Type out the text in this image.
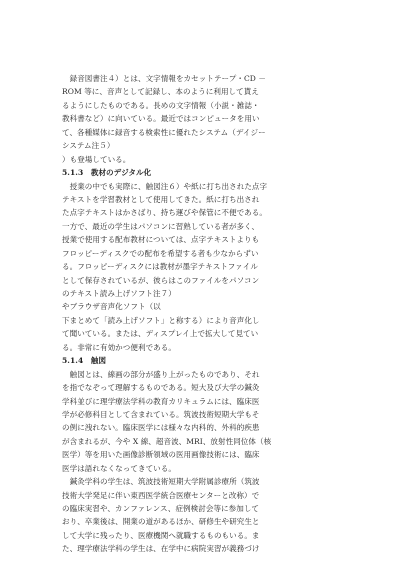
　録音図書注４）とは、文字情報をカセットテープ・CD －
ROM 等に、音声として記録し、本のように利用して貰え
るようにしたものである。長めの文字情報（小説・雑誌・
教科書など）に向いている。最近ではコンピュータを用い
て、各種媒体に録音する検索性に優れたシステム（デイジー
システム注５）
）も登場している。
5.1.3　教材のデジタル化
　授業の中でも実際に、触図注６）や紙に打ち出された点字
テキストを学習教材として使用してきた。紙に打ち出され
た点字テキストはかさばり、持ち運びや保管に不便である。
一方で、最近の学生はパソコンに習熟している者が多く、
授業で使用する配布教材については、点字テキストよりも
フロッピーディスクでの配布を希望する者も少なからずい
る。フロッピーディスクには教材が墨字テキストファイル
として保存されているが、彼らはこのファイルをパソコン
のテキスト読み上げソフト注７）
やブラウザ音声化ソフト（以
下まとめて「読み上げソフト」と称する）により音声化し
て聞いている。または、ディスプレイ上で拡大して見てい
る。非常に有効かつ便利である。
5.1.4　触図
　触図とは、線画の部分が盛り上がったものであり、それ
を指でなぞって理解するものである。短大及び大学の鍼灸
学科並びに理学療法学科の教育カリキュラムには、臨床医
学が必修科目として含まれている。筑波技術短期大学もそ
の例に洩れない。臨床医学には様々な内科的、外科的疾患
が含まれるが、今や X 線、超音波、MRI、放射性同位体（核
医学）等を用いた画像診断領域の医用画像技術には、臨床
医学は語れなくなってきている。
　鍼灸学科の学生は、筑波技術短期大学附属診療所（筑波
技術大学発足に伴い東西医学統合医療センターと改称）で
の臨床実習や、カンファレンス、症例検討会等に参加して
おり、卒業後は、開業の道があるほか、研修生や研究生と
して大学に残ったり、医療機関へ就職するものもいる。ま
た、理学療法学科の学生は、在学中に病院実習が義務づけ
